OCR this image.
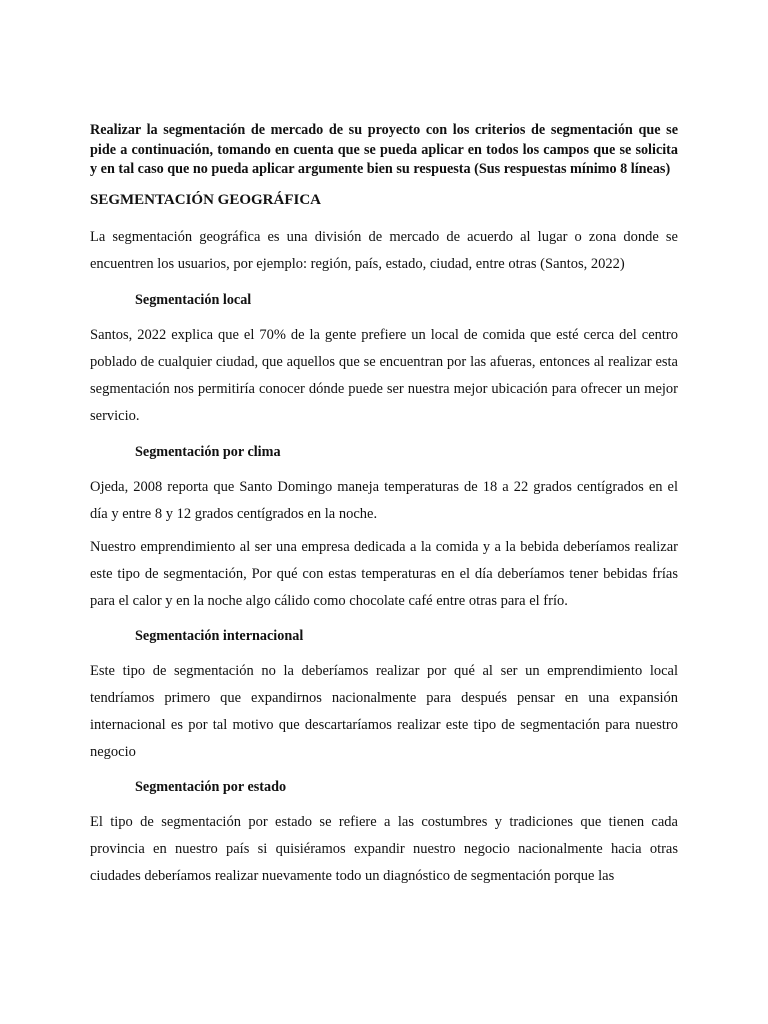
Realizar la segmentación de mercado de su proyecto con los criterios de segmentación que se pide a continuación, tomando en cuenta que se pueda aplicar en todos los campos que se solicita y en tal caso que no pueda aplicar argumente bien su respuesta (Sus respuestas mínimo 8 líneas)

SEGMENTACIÓN GEOGRÁFICA

La segmentación geográfica es una división de mercado de acuerdo al lugar o zona donde se encuentren los usuarios, por ejemplo: región, país, estado, ciudad, entre otras (Santos, 2022)

Segmentación local

Santos, 2022 explica que el 70% de la gente prefiere un local de comida que esté cerca del centro poblado de cualquier ciudad, que aquellos que se encuentran por las afueras, entonces al realizar esta segmentación nos permitiría conocer dónde puede ser nuestra mejor ubicación para ofrecer un mejor servicio.

Segmentación por clima

Ojeda, 2008 reporta que Santo Domingo maneja temperaturas de 18 a 22 grados centígrados en el día y entre 8 y 12 grados centígrados en la noche.

Nuestro emprendimiento al ser una empresa dedicada a la comida y a la bebida deberíamos realizar este tipo de segmentación, Por qué con estas temperaturas en el día deberíamos tener bebidas frías para el calor y en la noche algo cálido como chocolate café entre otras para el frío.

Segmentación internacional

Este tipo de segmentación no la deberíamos realizar por qué al ser un emprendimiento local tendríamos primero que expandirnos nacionalmente para después pensar en una expansión internacional es por tal motivo que descartaríamos realizar este tipo de segmentación para nuestro negocio

Segmentación por estado

El tipo de segmentación por estado se refiere a las costumbres y tradiciones que tienen cada provincia en nuestro país si quisiéramos expandir nuestro negocio nacionalmente hacia otras ciudades deberíamos realizar nuevamente todo un diagnóstico de segmentación porque las
